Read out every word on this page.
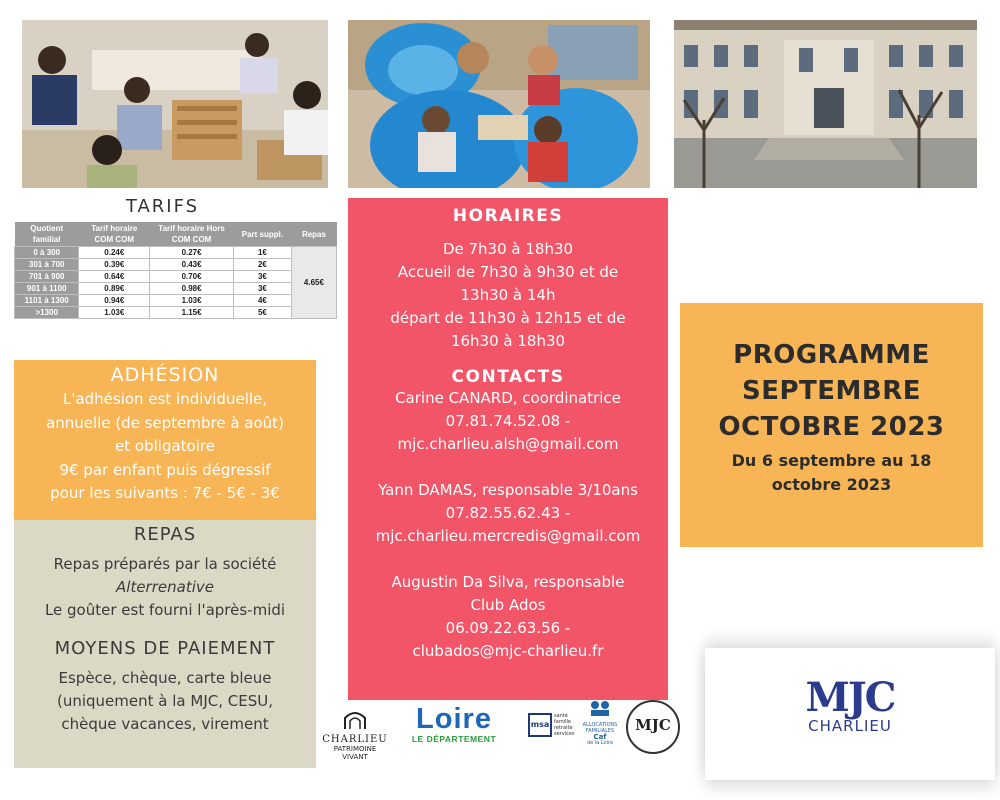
TARIFS
Quotient familial	Tarif horaire COM COM	Tarif horaire Hors COM COM	Part suppl.	Repas
0 à 300	0.24€	0.27€	1€	4.65€
301 à 700	0.39€	0.43€	2€	
701 à 900	0.64€	0.70€	3€	
901 à 1100	0.89€	0.98€	3€	
1101 à 1300	0.94€	1.03€	4€	
>1300	1.03€	1.15€	5€	
ADHÉSION

L'adhésion est individuelle,

annuelle (de septembre à août)

et obligatoire

9€ par enfant puis dégressif

pour les suivants : 7€ - 5€ - 3€

REPAS

Repas préparés par la société

Alterrenative

Le goûter est fourni l'après-midi

MOYENS DE PAIEMENT

Espèce, chèque, carte bleue

(uniquement à la MJC, CESU,

chèque vacances, virement

HORAIRES
De 7h30 à 18h30
Accueil de 7h30 à 9h30 et de
13h30 à 14h
départ de 11h30 à 12h15 et de
16h30 à 18h30
CONTACTS
Carine CANARD, coordinatrice
07.81.74.52.08 -
mjc.charlieu.alsh@gmail.com
Yann DAMAS, responsable 3/10ans
07.82.55.62.43 -
mjc.charlieu.mercredis@gmail.com
Augustin Da Silva, responsable
Club Ados
06.09.22.63.56 -
clubados@mjc-charlieu.fr
PROGRAMME
SEPTEMBRE
OCTOBRE 2023
Du 6 septembre au 18
octobre 2023
MJC
CHARLIEU
CHARLIEU
PATRIMOINE VIVANT
Loire
LE DÉPARTEMENT
msa
santé
famille
retraite
services
ALLOCATIONS
FAMILIALES
Caf
de la Loire
MJC
